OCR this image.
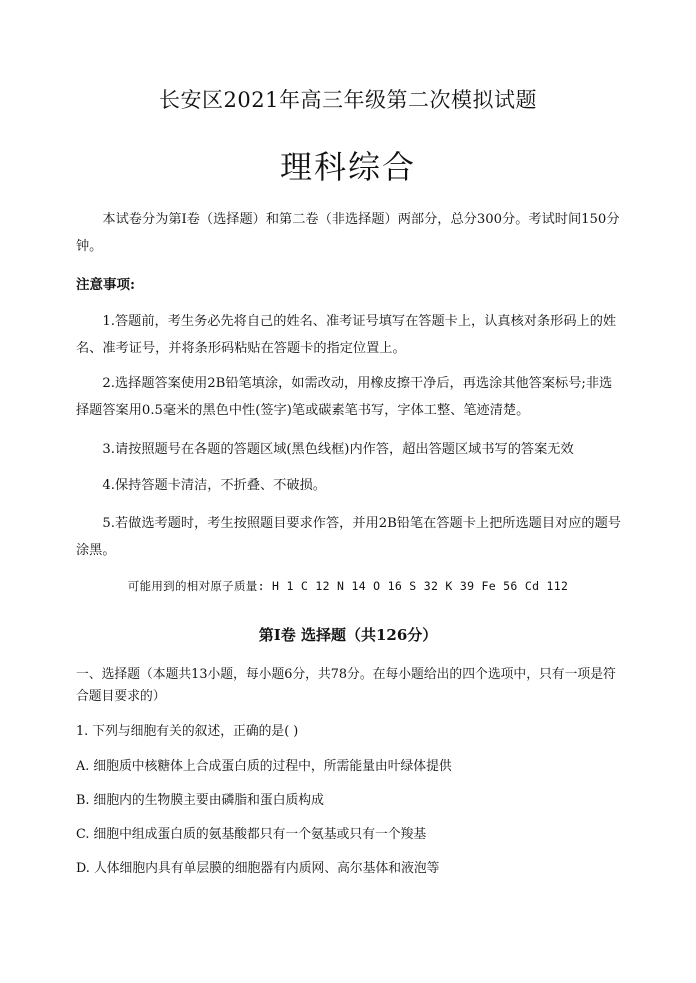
长安区2021年高三年级第二次模拟试题
理科综合
本试卷分为第Ⅰ卷（选择题）和第二卷（非选择题）两部分，总分300分。考试时间150分钟。
注意事项:
1.答题前，考生务必先将自己的姓名、准考证号填写在答题卡上，认真核对条形码上的姓名、准考证号，并将条形码粘贴在答题卡的指定位置上。
2.选择题答案使用2B铅笔填涂，如需改动，用橡皮擦干净后，再选涂其他答案标号;非选择题答案用0.5毫米的黑色中性(签字)笔或碳素笔书写，字体工整、笔迹清楚。
3.请按照题号在各题的答题区域(黑色线框)内作答，超出答题区域书写的答案无效
4.保持答题卡清洁，不折叠、不破损。
5.若做选考题时，考生按照题目要求作答，并用2B铅笔在答题卡上把所选题目对应的题号涂黑。
可能用到的相对原子质量: H 1 C 12 N 14 O 16 S 32 K 39 Fe 56 Cd 112
第Ⅰ卷 选择题（共126分）
一、选择题（本题共13小题，每小题6分，共78分。在每小题给出的四个选项中，只有一项是符合题目要求的）
1. 下列与细胞有关的叙述，正确的是( )
A. 细胞质中核糖体上合成蛋白质的过程中，所需能量由叶绿体提供
B. 细胞内的生物膜主要由磷脂和蛋白质构成
C. 细胞中组成蛋白质的氨基酸都只有一个氨基或只有一个羧基
D. 人体细胞内具有单层膜的细胞器有内质网、高尔基体和液泡等
